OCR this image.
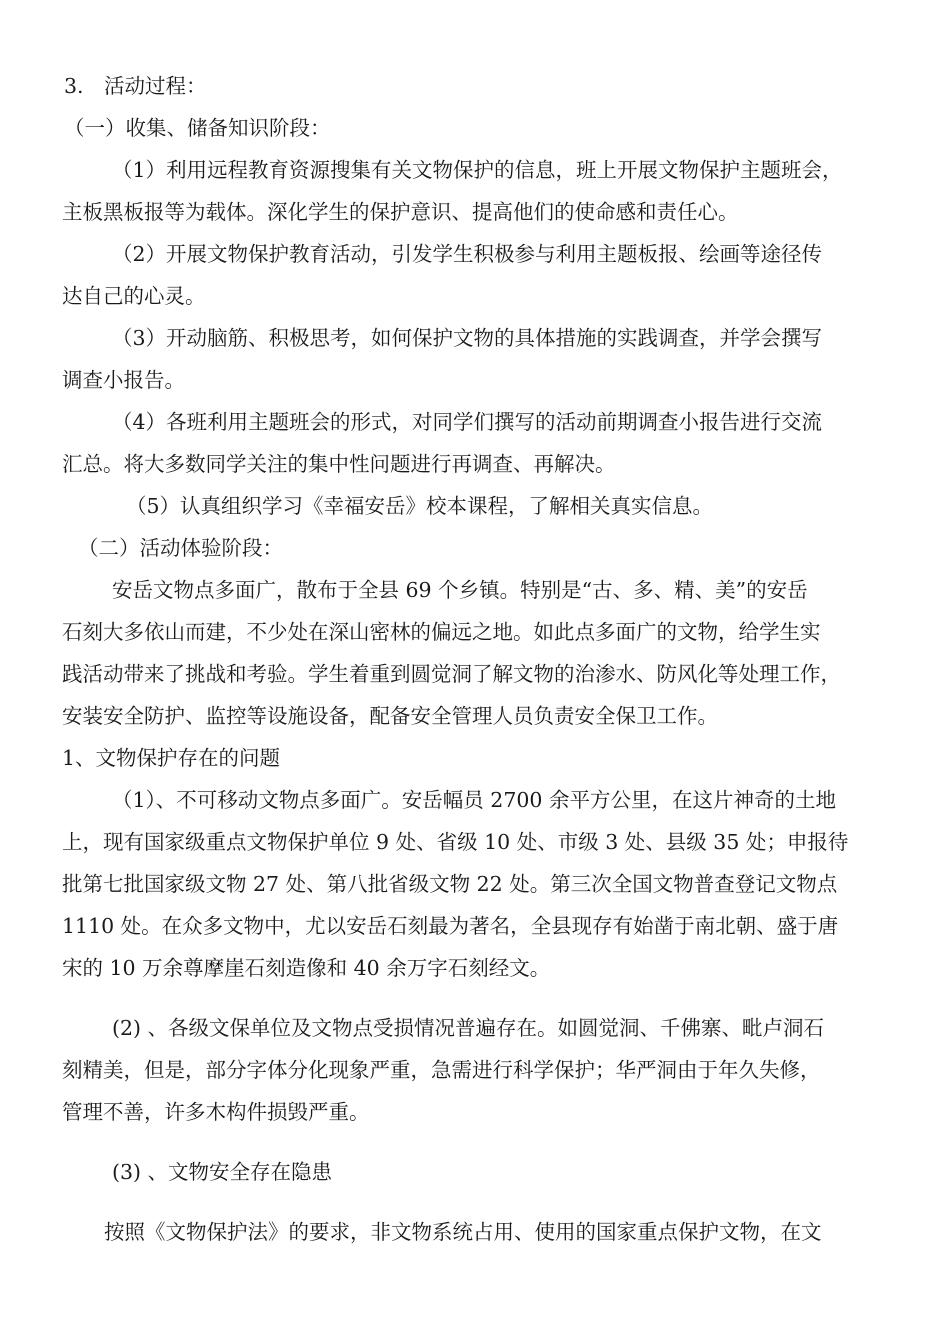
3.　活动过程：
（一）收集、储备知识阶段：
（1）利用远程教育资源搜集有关文物保护的信息，班上开展文物保护主题班会，
主板黑板报等为载体。深化学生的保护意识、提高他们的使命感和责任心。
（2）开展文物保护教育活动，引发学生积极参与利用主题板报、绘画等途径传
达自己的心灵。
（3）开动脑筋、积极思考，如何保护文物的具体措施的实践调查，并学会撰写
调查小报告。
（4）各班利用主题班会的形式，对同学们撰写的活动前期调查小报告进行交流
汇总。将大多数同学关注的集中性问题进行再调查、再解决。
（5）认真组织学习《幸福安岳》校本课程，了解相关真实信息。
（二）活动体验阶段：
安岳文物点多面广，散布于全县 69 个乡镇。特别是“古、多、精、美”的安岳
石刻大多依山而建，不少处在深山密林的偏远之地。如此点多面广的文物，给学生实
践活动带来了挑战和考验。学生着重到圆觉洞了解文物的治渗水、防风化等处理工作，
安装安全防护、监控等设施设备，配备安全管理人员负责安全保卫工作。
1、文物保护存在的问题
（1）、不可移动文物点多面广。安岳幅员 2700 余平方公里，在这片神奇的土地
上，现有国家级重点文物保护单位 9 处、省级 10 处、市级 3 处、县级 35 处；申报待
批第七批国家级文物 27 处、第八批省级文物 22 处。第三次全国文物普查登记文物点
1110 处。在众多文物中，尤以安岳石刻最为著名，全县现存有始凿于南北朝、盛于唐
宋的 10 万余尊摩崖石刻造像和 40 余万字石刻经文。
(2) 、各级文保单位及文物点受损情况普遍存在。如圆觉洞、千佛寨、毗卢洞石
刻精美，但是，部分字体分化现象严重，急需进行科学保护；华严洞由于年久失修，
管理不善，许多木构件损毁严重。
(3) 、文物安全存在隐患
按照《文物保护法》的要求，非文物系统占用、使用的国家重点保护文物，在文
